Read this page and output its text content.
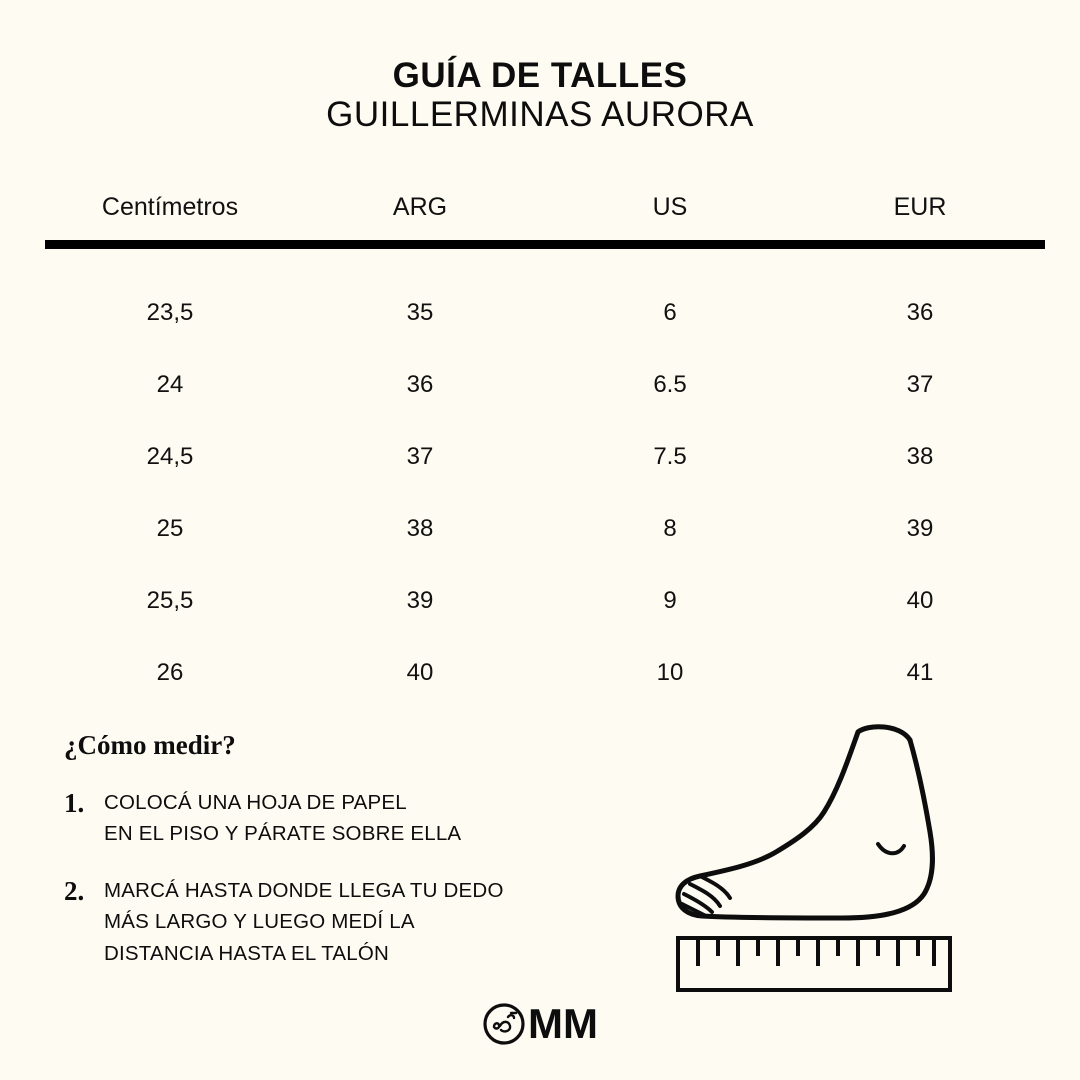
GUÍA DE TALLES
GUILLERMINAS AURORA
Centímetros	ARG	US	EUR
23,5	35	6	36
24	36	6.5	37
24,5	37	7.5	38
25	38	8	39
25,5	39	9	40
26	40	10	41
¿Cómo medir?
1. COLOCÁ UNA HOJA DE PAPEL
EN EL PISO Y PÁRATE SOBRE ELLA
2. MARCÁ HASTA DONDE LLEGA TU DEDO
MÁS LARGO Y LUEGO MEDÍ LA
DISTANCIA HASTA EL TALÓN
MM
